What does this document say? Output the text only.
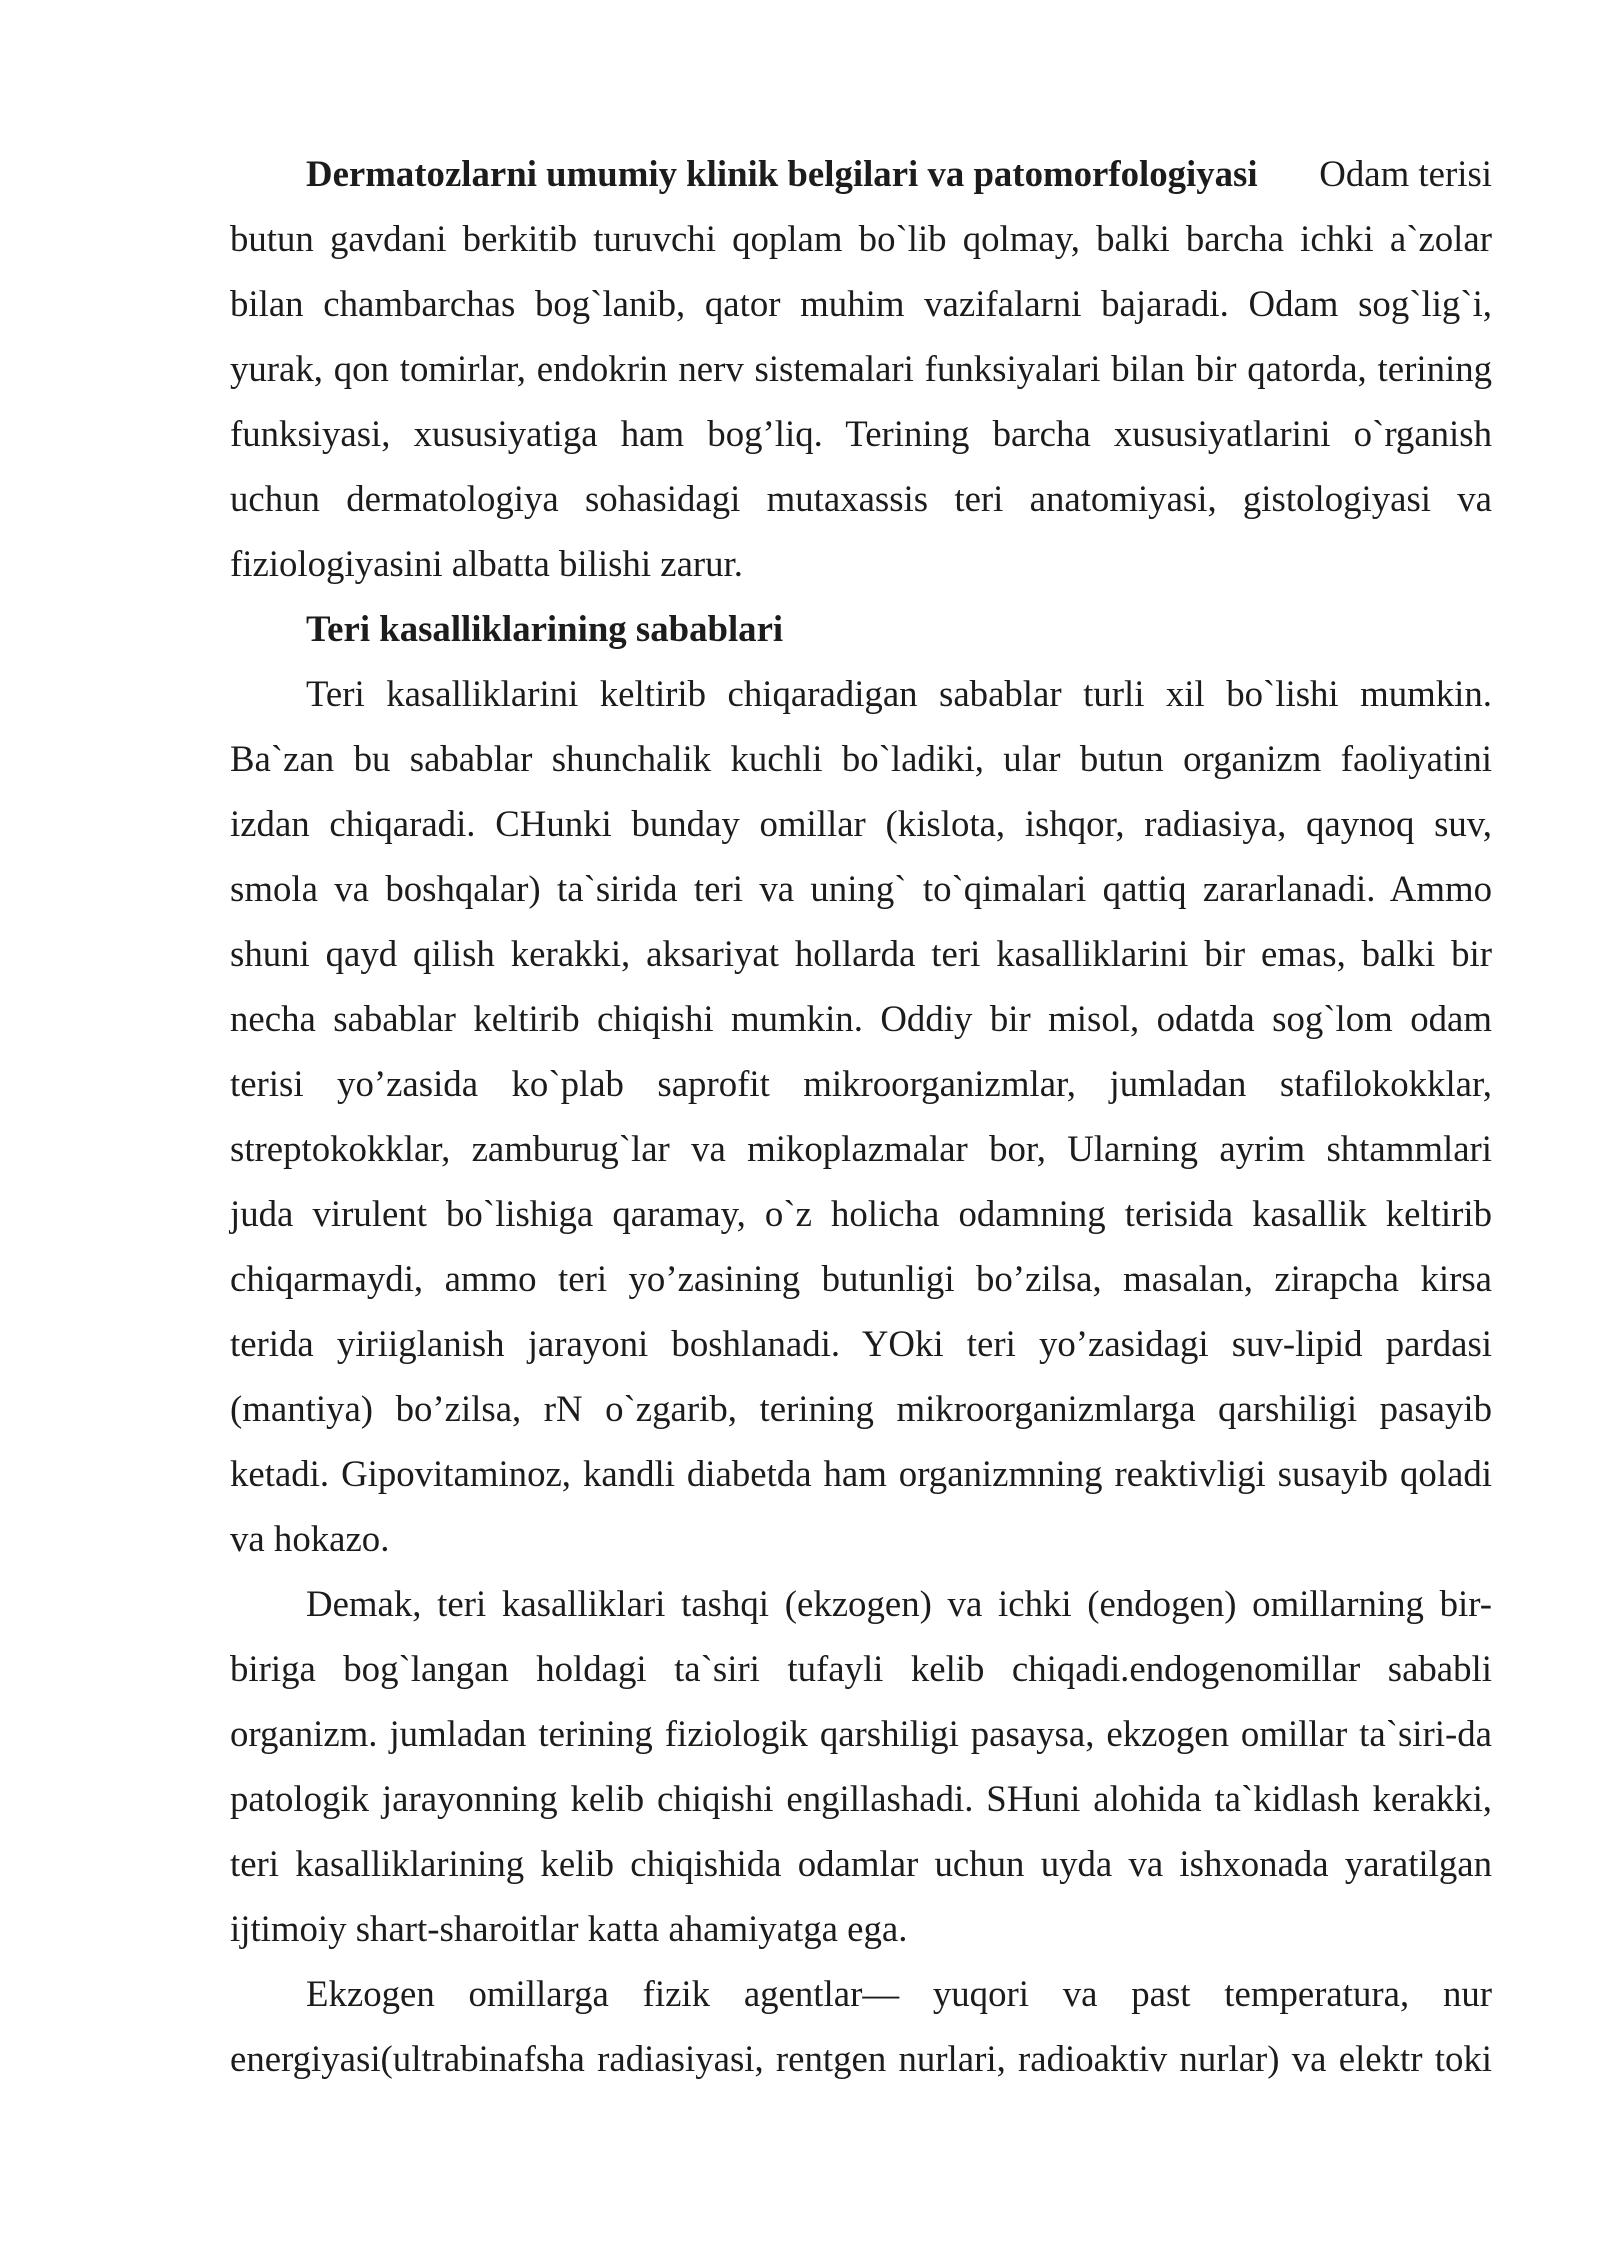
Dermatozlarni umumiy klinik belgilari va patomorfologiyasi Odam terisi
butun gavdani berkitib turuvchi qoplam bo`lib qolmay, balki barcha ichki a`zolar
bilan chambarchas bog`lanib, qator muhim vazifalarni bajaradi. Odam sog`lig`i,
yurak, qon tomirlar, endokrin nerv sistemalari funksiyalari bilan bir qatorda, terining
funksiyasi, xususiyatiga ham bog’liq. Terining barcha xususiyatlarini o`rganish
uchun dermatologiya sohasidagi mutaxassis teri anatomiyasi, gistologiyasi va
fiziologiyasini albatta bilishi zarur.
Teri kasalliklarining sabablari
Teri kasalliklarini keltirib chiqaradigan sabablar turli xil bo`lishi mumkin.
Ba`zan bu sabablar shunchalik kuchli bo`ladiki, ular butun organizm faoliyatini
izdan chiqaradi. CHunki bunday omillar (kislota, ishqor, radiasiya, qaynoq suv,
smola va boshqalar) ta`sirida teri va uning` to`qimalari qattiq zararlanadi. Ammo
shuni qayd qilish kerakki, aksariyat hollarda teri kasalliklarini bir emas, balki bir
necha sabablar keltirib chiqishi mumkin. Oddiy bir misol, odatda sog`lom odam
terisi yo’zasida ko`plab saprofit mikroorganizmlar, jumladan stafilokokklar,
streptokokklar, zamburug`lar va mikoplazmalar bor, Ularning ayrim shtammlari
juda virulent bo`lishiga qaramay, o`z holicha odamning terisida kasallik keltirib
chiqarmaydi, ammo teri yo’zasining butunligi bo’zilsa, masalan, zirapcha kirsa
terida yiriiglanish jarayoni boshlanadi. YOki teri yo’zasidagi suv-lipid pardasi
(mantiya) bo’zilsa, rN o`zgarib, terining mikroorganizmlarga qarshiligi pasayib
ketadi. Gipovitaminoz, kandli diabetda ham organizmning reaktivligi susayib qoladi
va hokazo.
Demak, teri kasalliklari tashqi (ekzogen) va ichki (endogen) omillarning bir-
biriga bog`langan holdagi ta`siri tufayli kelib chiqadi.endogenomillar sababli
organizm. jumladan terining fiziologik qarshiligi pasaysa, ekzogen omillar ta`siri-da
patologik jarayonning kelib chiqishi engillashadi. SHuni alohida ta`kidlash kerakki,
teri kasalliklarining kelib chiqishida odamlar uchun uyda va ishxonada yaratilgan
ijtimoiy shart-sharoitlar katta ahamiyatga ega.
Ekzogen omillarga fizik agentlar— yuqori va past temperatura, nur
energiyasi(ultrabinafsha radiasiyasi, rentgen nurlari, radioaktiv nurlar) va elektr toki
